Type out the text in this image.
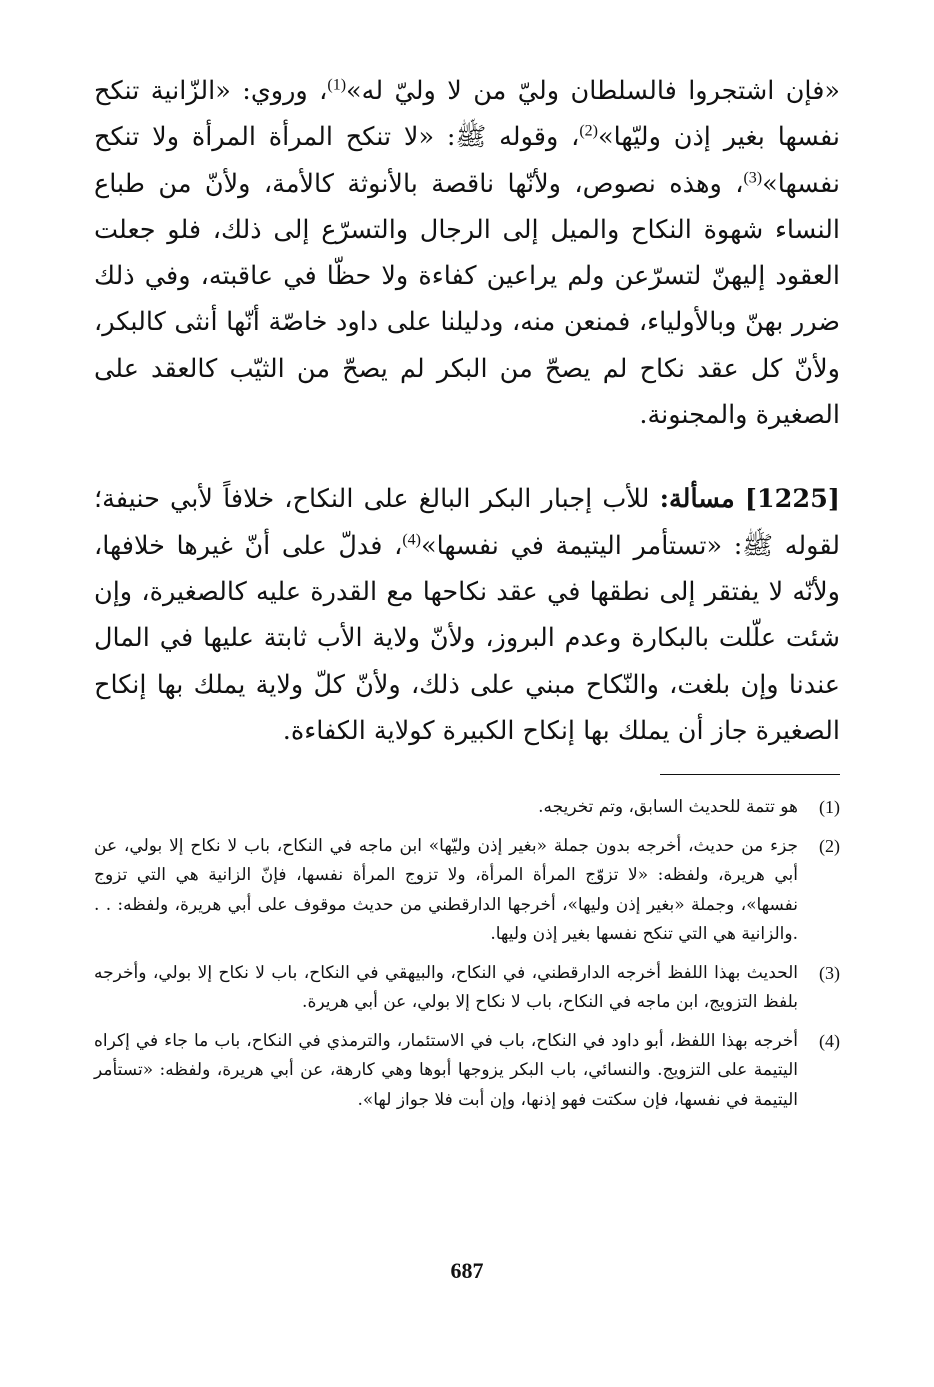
«فإن اشتجروا فالسلطان وليّ من لا وليّ له»$^{(1)}$، وروي: «الزّانية تنكح نفسها بغير إذن وليّها»$^{(2)}$، وقوله ﷺ: «لا تنكح المرأة المرأة ولا تنكح نفسها»$^{(3)}$، وهذه نصوص، ولأنّها ناقصة بالأنوثة كالأمة، ولأنّ من طباع النساء شهوة النكاح والميل إلى الرجال والتسرّع إلى ذلك، فلو جعلت العقود إليهنّ لتسرّعن ولم يراعين كفاءة ولا حظّا في عاقبته، وفي ذلك ضرر بهنّ وبالأولياء، فمنعن منه، ودليلنا على داود خاصّة أنّها أنثى كالبكر، ولأنّ كل عقد نكاح لم يصحّ من البكر لم يصحّ من الثيّب كالعقد على الصغيرة والمجنونة.

[1225] مسألة: للأب إجبار البكر البالغ على النكاح، خلافاً لأبي حنيفة؛ لقوله ﷺ: «تستأمر اليتيمة في نفسها»$^{(4)}$، فدلّ على أنّ غيرها خلافها، ولأنّه لا يفتقر إلى نطقها في عقد نكاحها مع القدرة عليه كالصغيرة، وإن شئت علّلت بالبكارة وعدم البروز، ولأنّ ولاية الأب ثابتة عليها في المال عندنا وإن بلغت، والنّكاح مبني على ذلك، ولأنّ كلّ ولاية يملك بها إنكاح الصغيرة جاز أن يملك بها إنكاح الكبيرة كولاية الكفاءة.

(1)
هو تتمة للحديث السابق، وتم تخريجه.
(2)
جزء من حديث، أخرجه بدون جملة «بغير إذن وليّها» ابن ماجه في النكاح، باب لا نكاح إلا بولي، عن أبي هريرة، ولفظه: «لا تزوّج المرأة المرأة، ولا تزوج المرأة نفسها، فإنّ الزانية هي التي تزوج نفسها»، وجملة «بغير إذن وليها»، أخرجها الدارقطني من حديث موقوف على أبي هريرة، ولفظه: . . .والزانية هي التي تنكح نفسها بغير إذن وليها.
(3)
الحديث بهذا اللفظ أخرجه الدارقطني، في النكاح، والبيهقي في النكاح، باب لا نكاح إلا بولي، وأخرجه بلفظ التزويج، ابن ماجه في النكاح، باب لا نكاح إلا بولي، عن أبي هريرة.
(4)
أخرجه بهذا اللفظ، أبو داود في النكاح، باب في الاستئمار، والترمذي في النكاح، باب ما جاء في إكراه اليتيمة على التزويج. والنسائي، باب البكر يزوجها أبوها وهي كارهة، عن أبي هريرة، ولفظه: «تستأمر اليتيمة في نفسها، فإن سكتت فهو إذنها، وإن أبت فلا جواز لها».
687
